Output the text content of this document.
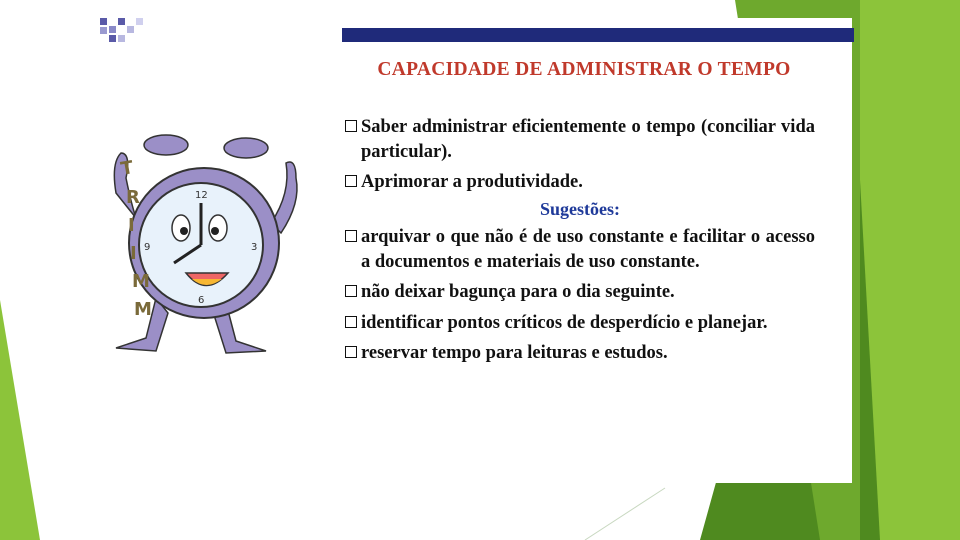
12
3
6
9
T
R
I
I
M
M
CAPACIDADE DE ADMINISTRAR O TEMPO
Saber administrar eficientemente o tempo (conciliar vida particular).
Aprimorar a produtividade.
Sugestões:
arquivar o que não é de uso constante e facilitar o acesso a documentos e materiais de uso constante.
não deixar bagunça para o dia seguinte.
identificar pontos críticos de desperdício e planejar.
reservar tempo para leituras e estudos.
